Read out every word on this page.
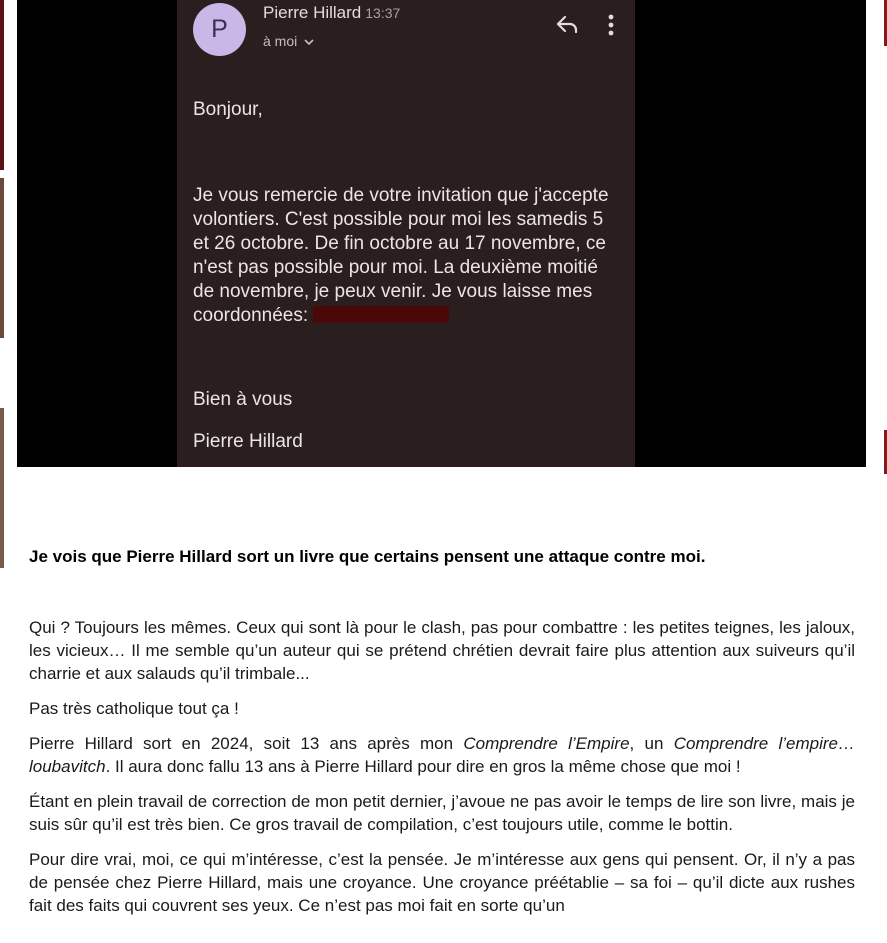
P
Pierre Hillard 13:37
à moi
Bonjour,
Je vous remercie de votre invitation que j'accepte volontiers. C'est possible pour moi les samedis 5 et 26 octobre. De fin octobre au 17 novembre, ce n'est pas possible pour moi. La deuxième moitié de novembre, je peux venir. Je vous laisse mes coordonnées:
Bien à vous
Pierre Hillard
Je vois que Pierre Hillard sort un livre que certains pensent une attaque contre moi.

Qui ? Toujours les mêmes. Ceux qui sont là pour le clash, pas pour combattre : les petites teignes, les jaloux, les vicieux… Il me semble qu’un auteur qui se prétend chrétien devrait faire plus attention aux suiveurs qu’il charrie et aux salauds qu’il trimbale...

Pas très catholique tout ça !

Pierre Hillard sort en 2024, soit 13 ans après mon Comprendre l’Empire, un Comprendre l’empire… loubavitch. Il aura donc fallu 13 ans à Pierre Hillard pour dire en gros la même chose que moi !

Étant en plein travail de correction de mon petit dernier, j’avoue ne pas avoir le temps de lire son livre, mais je suis sûr qu’il est très bien. Ce gros travail de compilation, c’est toujours utile, comme le bottin.

Pour dire vrai, moi, ce qui m’intéresse, c’est la pensée. Je m’intéresse aux gens qui pensent. Or, il n’y a pas de pensée chez Pierre Hillard, mais une croyance. Une croyance préétablie – sa foi – qu’il dicte aux rushes fait des faits qui couvrent ses yeux. Ce n’est pas moi fait en sorte qu’un
